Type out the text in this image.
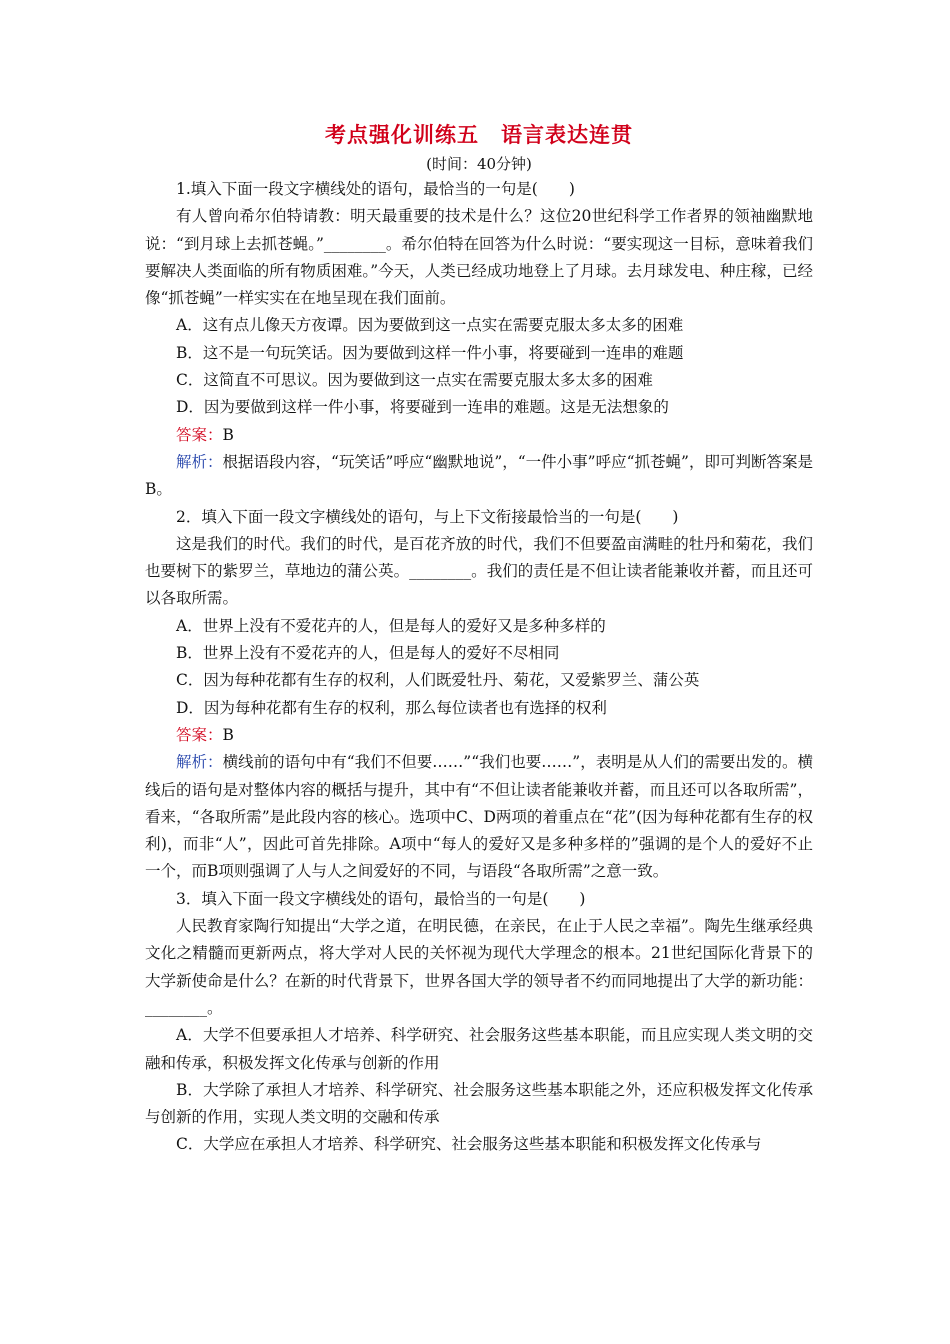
考点强化训练五　语言表达连贯
(时间：40分钟)

1.填入下面一段文字横线处的语句，最恰当的一句是(　　)

有人曾向希尔伯特请教：明天最重要的技术是什么？这位20世纪科学工作者界的领袖幽默地说：“到月球上去抓苍蝇。”________。希尔伯特在回答为什么时说：“要实现这一目标，意味着我们要解决人类面临的所有物质困难。”今天，人类已经成功地登上了月球。去月球发电、种庄稼，已经像“抓苍蝇”一样实实在在地呈现在我们面前。

A．这有点儿像天方夜谭。因为要做到这一点实在需要克服太多太多的困难

B．这不是一句玩笑话。因为要做到这样一件小事，将要碰到一连串的难题

C．这简直不可思议。因为要做到这一点实在需要克服太多太多的困难

D．因为要做到这样一件小事，将要碰到一连串的难题。这是无法想象的

答案：B

解析：根据语段内容，“玩笑话”呼应“幽默地说”，“一件小事”呼应“抓苍蝇”，即可判断答案是B。

2．填入下面一段文字横线处的语句，与上下文衔接最恰当的一句是(　　)

这是我们的时代。我们的时代，是百花齐放的时代，我们不但要盈亩满畦的牡丹和菊花，我们也要树下的紫罗兰，草地边的蒲公英。________。我们的责任是不但让读者能兼收并蓄，而且还可以各取所需。

A．世界上没有不爱花卉的人，但是每人的爱好又是多种多样的

B．世界上没有不爱花卉的人，但是每人的爱好不尽相同

C．因为每种花都有生存的权利，人们既爱牡丹、菊花，又爱紫罗兰、蒲公英

D．因为每种花都有生存的权利，那么每位读者也有选择的权利

答案：B

解析：横线前的语句中有“我们不但要……”“我们也要……”，表明是从人们的需要出发的。横线后的语句是对整体内容的概括与提升，其中有“不但让读者能兼收并蓄，而且还可以各取所需”，看来，“各取所需”是此段内容的核心。选项中C、D两项的着重点在“花”(因为每种花都有生存的权利)，而非“人”，因此可首先排除。A项中“每人的爱好又是多种多样的”强调的是个人的爱好不止一个，而B项则强调了人与人之间爱好的不同，与语段“各取所需”之意一致。

3．填入下面一段文字横线处的语句，最恰当的一句是(　　)

人民教育家陶行知提出“大学之道，在明民德，在亲民，在止于人民之幸福”。陶先生继承经典文化之精髓而更新两点，将大学对人民的关怀视为现代大学理念的根本。21世纪国际化背景下的大学新使命是什么？在新的时代背景下，世界各国大学的领导者不约而同地提出了大学的新功能：________。

A．大学不但要承担人才培养、科学研究、社会服务这些基本职能，而且应实现人类文明的交融和传承，积极发挥文化传承与创新的作用

B．大学除了承担人才培养、科学研究、社会服务这些基本职能之外，还应积极发挥文化传承与创新的作用，实现人类文明的交融和传承

C．大学应在承担人才培养、科学研究、社会服务这些基本职能和积极发挥文化传承与
